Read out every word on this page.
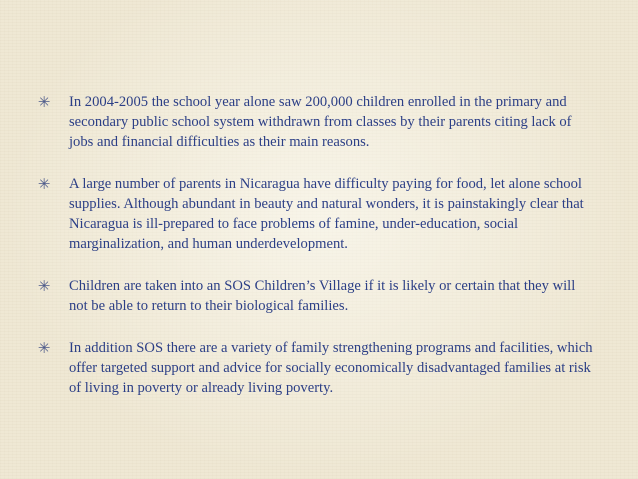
✳ In 2004-2005 the school year alone saw 200,000 children enrolled in the primary and secondary public school system withdrawn from classes by their parents citing lack of jobs and financial difficulties as their main reasons.
✳ A large number of parents in Nicaragua have difficulty paying for food, let alone school supplies. Although abundant in beauty and natural wonders, it is painstakingly clear that Nicaragua is ill-prepared to face problems of famine, under-education, social marginalization, and human underdevelopment.
✳ Children are taken into an SOS Children’s Village if it is likely or certain that they will not be able to return to their biological families.
✳ In addition SOS there are a variety of family strengthening programs and facilities, which offer targeted support and advice for socially economically disadvantaged families at risk of living in poverty or already living poverty.
